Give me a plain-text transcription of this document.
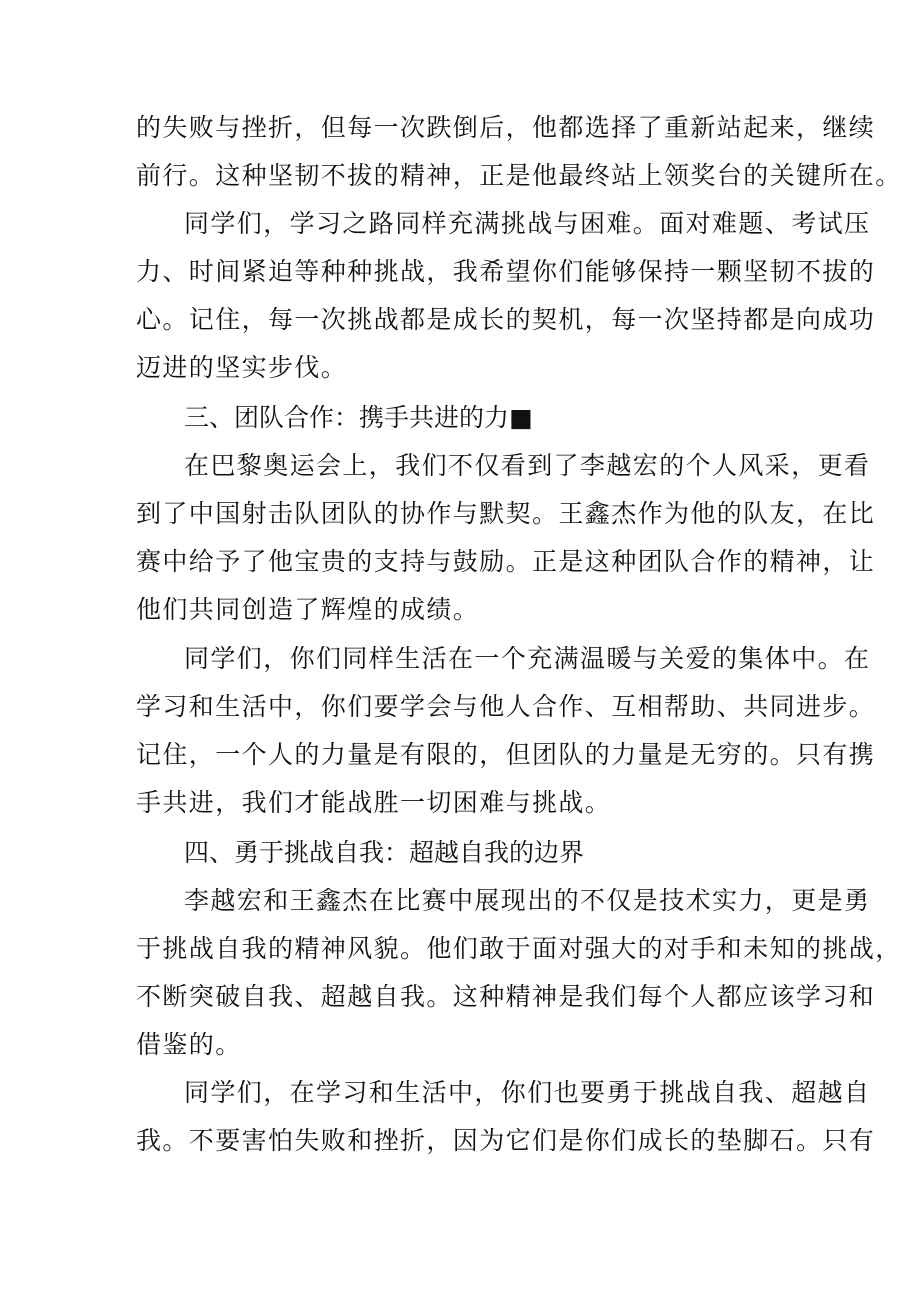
的失败与挫折，但每一次跌倒后，他都选择了重新站起来，继续
前行。这种坚韧不拔的精神，正是他最终站上领奖台的关键所在。
同学们，学习之路同样充满挑战与困难。面对难题、考试压
力、时间紧迫等种种挑战，我希望你们能够保持一颗坚韧不拔的
心。记住，每一次挑战都是成长的契机，每一次坚持都是向成功
迈进的坚实步伐。
三、团队合作：携手共进的力■
在巴黎奥运会上，我们不仅看到了李越宏的个人风采，更看
到了中国射击队团队的协作与默契。王鑫杰作为他的队友，在比
赛中给予了他宝贵的支持与鼓励。正是这种团队合作的精神，让
他们共同创造了辉煌的成绩。
同学们，你们同样生活在一个充满温暖与关爱的集体中。在
学习和生活中，你们要学会与他人合作、互相帮助、共同进步。
记住，一个人的力量是有限的，但团队的力量是无穷的。只有携
手共进，我们才能战胜一切困难与挑战。
四、勇于挑战自我：超越自我的边界
李越宏和王鑫杰在比赛中展现出的不仅是技术实力，更是勇
于挑战自我的精神风貌。他们敢于面对强大的对手和未知的挑战，
不断突破自我、超越自我。这种精神是我们每个人都应该学习和
借鉴的。
同学们，在学习和生活中，你们也要勇于挑战自我、超越自
我。不要害怕失败和挫折，因为它们是你们成长的垫脚石。只有
